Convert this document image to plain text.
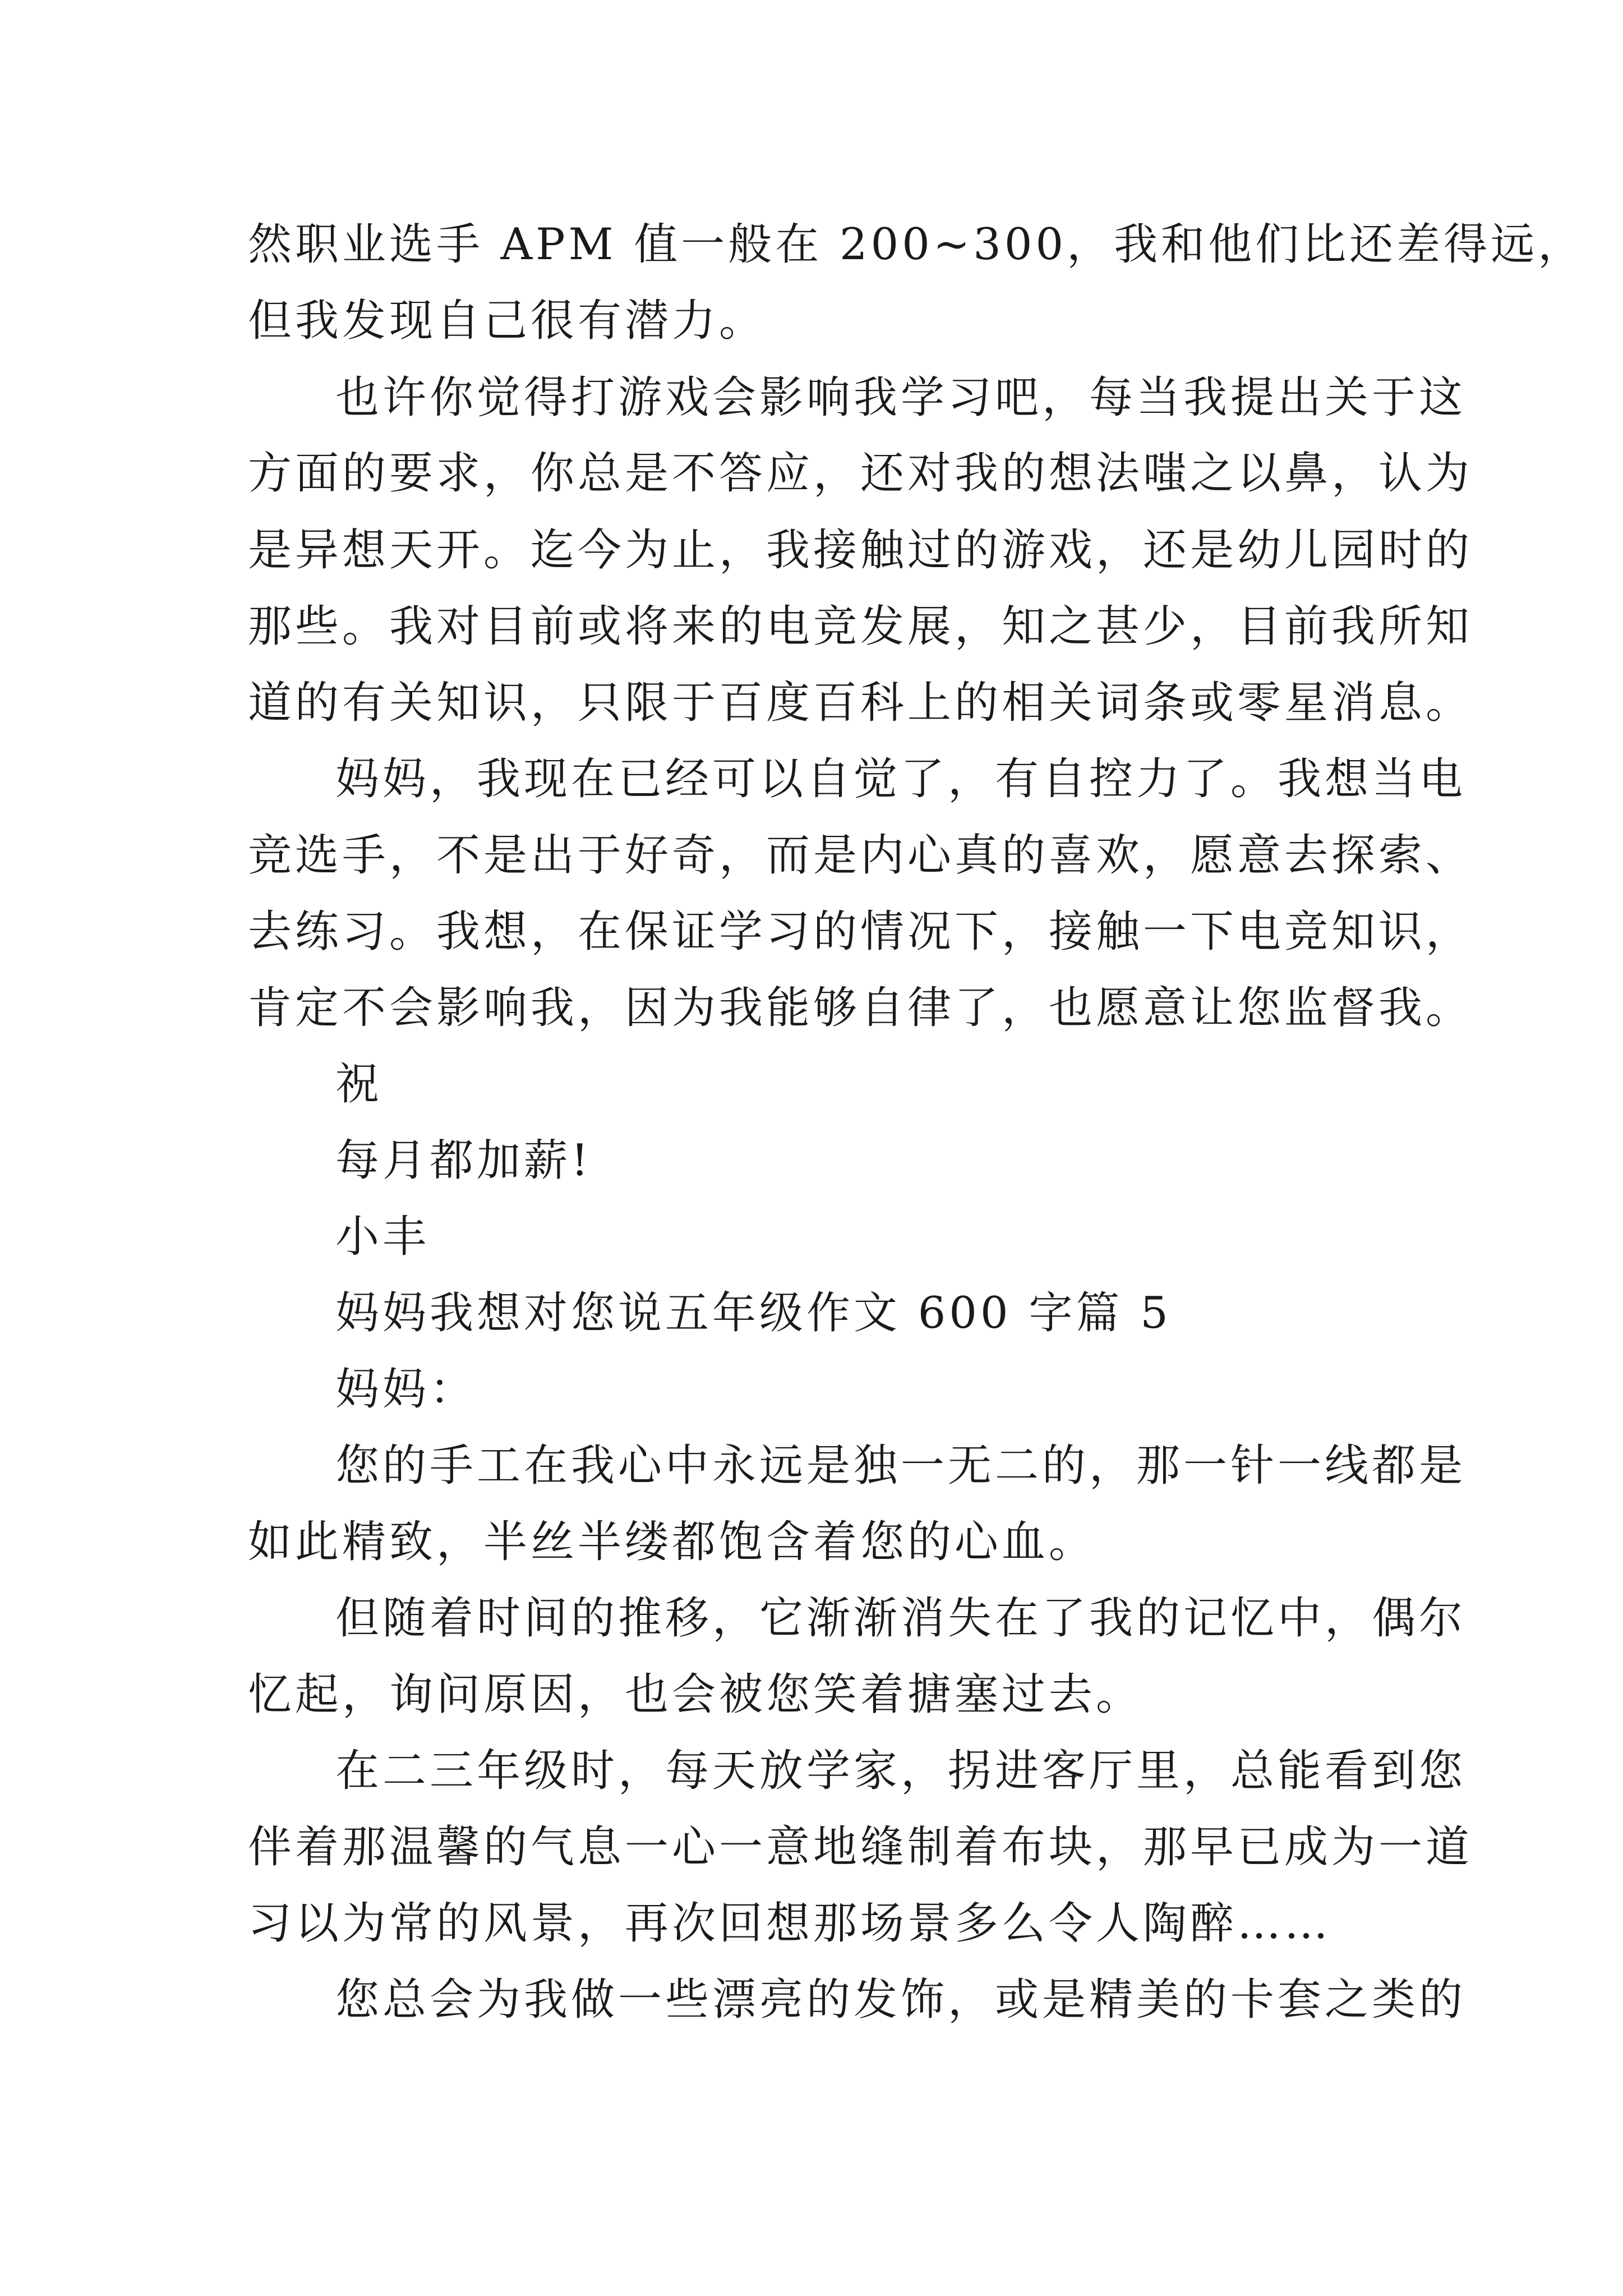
然职业选手 APM 值一般在 200~300，我和他们比还差得远，

但我发现自己很有潜力。

也许你觉得打游戏会影响我学习吧，每当我提出关于这

方面的要求，你总是不答应，还对我的想法嗤之以鼻，认为

是异想天开。迄今为止，我接触过的游戏，还是幼儿园时的

那些。我对目前或将来的电竞发展，知之甚少，目前我所知

道的有关知识，只限于百度百科上的相关词条或零星消息。

妈妈，我现在已经可以自觉了，有自控力了。我想当电

竞选手，不是出于好奇，而是内心真的喜欢，愿意去探索、

去练习。我想，在保证学习的情况下，接触一下电竞知识，

肯定不会影响我，因为我能够自律了，也愿意让您监督我。

祝

每月都加薪!

小丰

妈妈我想对您说五年级作文 600 字篇 5

妈妈：

您的手工在我心中永远是独一无二的，那一针一线都是

如此精致，半丝半缕都饱含着您的心血。

但随着时间的推移，它渐渐消失在了我的记忆中，偶尔

忆起，询问原因，也会被您笑着搪塞过去。

在二三年级时，每天放学家，拐进客厅里，总能看到您

伴着那温馨的气息一心一意地缝制着布块，那早已成为一道

习以为常的风景，再次回想那场景多么令人陶醉……

您总会为我做一些漂亮的发饰，或是精美的卡套之类的
